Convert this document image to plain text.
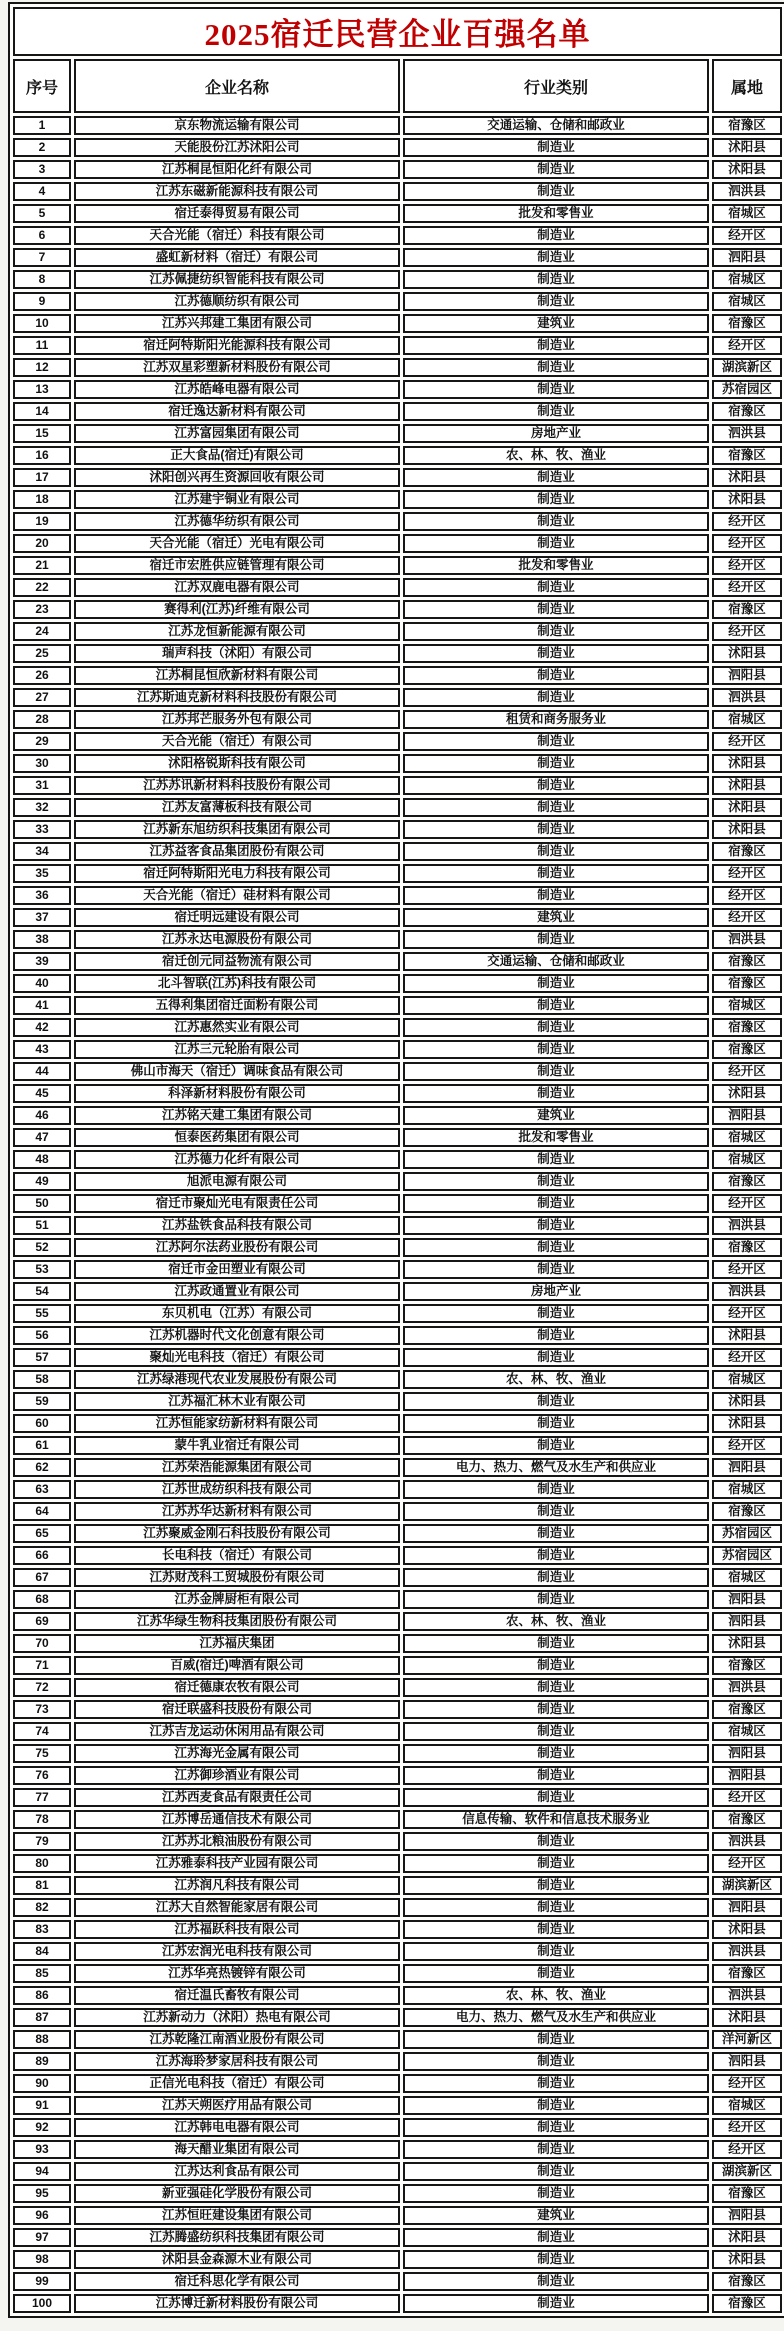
2025宿迁民营企业百强名单			
序号	企业名称	行业类别	属地
1	京东物流运输有限公司	交通运输、仓储和邮政业	宿豫区
2	天能股份江苏沭阳公司	制造业	沭阳县
3	江苏桐昆恒阳化纤有限公司	制造业	沭阳县
4	江苏东磁新能源科技有限公司	制造业	泗洪县
5	宿迁泰得贸易有限公司	批发和零售业	宿城区
6	天合光能（宿迁）科技有限公司	制造业	经开区
7	盛虹新材料（宿迁）有限公司	制造业	泗阳县
8	江苏佩捷纺织智能科技有限公司	制造业	宿城区
9	江苏德顺纺织有限公司	制造业	宿城区
10	江苏兴邦建工集团有限公司	建筑业	宿豫区
11	宿迁阿特斯阳光能源科技有限公司	制造业	经开区
12	江苏双星彩塑新材料股份有限公司	制造业	湖滨新区
13	江苏皓峰电器有限公司	制造业	苏宿园区
14	宿迁逸达新材料有限公司	制造业	宿豫区
15	江苏富园集团有限公司	房地产业	泗洪县
16	正大食品(宿迁)有限公司	农、林、牧、渔业	宿豫区
17	沭阳创兴再生资源回收有限公司	制造业	沭阳县
18	江苏建宇铜业有限公司	制造业	沭阳县
19	江苏德华纺织有限公司	制造业	经开区
20	天合光能（宿迁）光电有限公司	制造业	经开区
21	宿迁市宏胜供应链管理有限公司	批发和零售业	经开区
22	江苏双鹿电器有限公司	制造业	经开区
23	赛得利(江苏)纤维有限公司	制造业	宿豫区
24	江苏龙恒新能源有限公司	制造业	经开区
25	瑞声科技（沭阳）有限公司	制造业	沭阳县
26	江苏桐昆恒欣新材料有限公司	制造业	泗阳县
27	江苏斯迪克新材料科技股份有限公司	制造业	泗洪县
28	江苏邦芒服务外包有限公司	租赁和商务服务业	宿城区
29	天合光能（宿迁）有限公司	制造业	经开区
30	沭阳格锐斯科技有限公司	制造业	沭阳县
31	江苏苏讯新材料科技股份有限公司	制造业	沭阳县
32	江苏友富薄板科技有限公司	制造业	沭阳县
33	江苏新东旭纺织科技集团有限公司	制造业	沭阳县
34	江苏益客食品集团股份有限公司	制造业	宿豫区
35	宿迁阿特斯阳光电力科技有限公司	制造业	经开区
36	天合光能（宿迁）硅材料有限公司	制造业	经开区
37	宿迁明远建设有限公司	建筑业	经开区
38	江苏永达电源股份有限公司	制造业	泗洪县
39	宿迁创元同益物流有限公司	交通运输、仓储和邮政业	宿豫区
40	北斗智联(江苏)科技有限公司	制造业	宿豫区
41	五得利集团宿迁面粉有限公司	制造业	宿城区
42	江苏惠然实业有限公司	制造业	宿豫区
43	江苏三元轮胎有限公司	制造业	宿豫区
44	佛山市海天（宿迁）调味食品有限公司	制造业	经开区
45	科泽新材料股份有限公司	制造业	沭阳县
46	江苏铭天建工集团有限公司	建筑业	泗阳县
47	恒泰医药集团有限公司	批发和零售业	宿城区
48	江苏德力化纤有限公司	制造业	宿城区
49	旭派电源有限公司	制造业	宿豫区
50	宿迁市聚灿光电有限责任公司	制造业	经开区
51	江苏盐铁食品科技有限公司	制造业	泗洪县
52	江苏阿尔法药业股份有限公司	制造业	宿豫区
53	宿迁市金田塑业有限公司	制造业	经开区
54	江苏政通置业有限公司	房地产业	泗洪县
55	东贝机电（江苏）有限公司	制造业	经开区
56	江苏机器时代文化创意有限公司	制造业	沭阳县
57	聚灿光电科技（宿迁）有限公司	制造业	经开区
58	江苏绿港现代农业发展股份有限公司	农、林、牧、渔业	宿城区
59	江苏福汇林木业有限公司	制造业	沭阳县
60	江苏恒能家纺新材料有限公司	制造业	沭阳县
61	蒙牛乳业宿迁有限公司	制造业	经开区
62	江苏荣浩能源集团有限公司	电力、热力、燃气及水生产和供应业	泗阳县
63	江苏世成纺织科技有限公司	制造业	宿城区
64	江苏苏华达新材料有限公司	制造业	宿豫区
65	江苏聚威金刚石科技股份有限公司	制造业	苏宿园区
66	长电科技（宿迁）有限公司	制造业	苏宿园区
67	江苏财茂科工贸城股份有限公司	制造业	宿城区
68	江苏金牌厨柜有限公司	制造业	泗阳县
69	江苏华绿生物科技集团股份有限公司	农、林、牧、渔业	泗阳县
70	江苏福庆集团	制造业	沭阳县
71	百威(宿迁)啤酒有限公司	制造业	宿豫区
72	宿迁德康农牧有限公司	制造业	泗洪县
73	宿迁联盛科技股份有限公司	制造业	宿豫区
74	江苏吉龙运动休闲用品有限公司	制造业	宿城区
75	江苏海光金属有限公司	制造业	泗阳县
76	江苏御珍酒业有限公司	制造业	泗阳县
77	江苏西麦食品有限责任公司	制造业	经开区
78	江苏博岳通信技术有限公司	信息传输、软件和信息技术服务业	宿豫区
79	江苏苏北粮油股份有限公司	制造业	泗洪县
80	江苏雅泰科技产业园有限公司	制造业	经开区
81	江苏润凡科技有限公司	制造业	湖滨新区
82	江苏大自然智能家居有限公司	制造业	泗阳县
83	江苏福跃科技有限公司	制造业	沭阳县
84	江苏宏润光电科技有限公司	制造业	泗洪县
85	江苏华亮热镀锌有限公司	制造业	宿豫区
86	宿迁温氏畜牧有限公司	农、林、牧、渔业	泗洪县
87	江苏新动力（沭阳）热电有限公司	电力、热力、燃气及水生产和供应业	沭阳县
88	江苏乾隆江南酒业股份有限公司	制造业	洋河新区
89	江苏海聆梦家居科技有限公司	制造业	泗阳县
90	正信光电科技（宿迁）有限公司	制造业	经开区
91	江苏天朔医疗用品有限公司	制造业	宿城区
92	江苏韩电电器有限公司	制造业	经开区
93	海天醋业集团有限公司	制造业	经开区
94	江苏达利食品有限公司	制造业	湖滨新区
95	新亚强硅化学股份有限公司	制造业	宿豫区
96	江苏恒旺建设集团有限公司	建筑业	泗阳县
97	江苏腾盛纺织科技集团有限公司	制造业	沭阳县
98	沭阳县金森源木业有限公司	制造业	沭阳县
99	宿迁科思化学有限公司	制造业	宿豫区
100	江苏博迁新材料股份有限公司	制造业	宿豫区
